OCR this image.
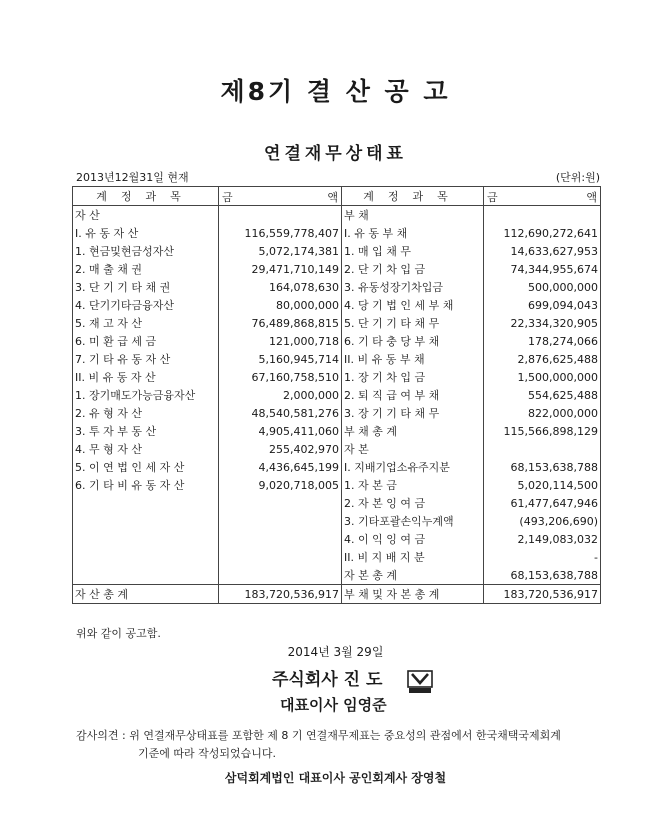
제8기 결 산 공 고
연결재무상태표
2013년12월31일 현재	(단위:원)
계정과목	금 액	계정과목	금 액

자 산		부 채	
I. 유 동 자 산	116,559,778,407	I. 유 동 부 채	112,690,272,641
1. 현금및현금성자산	5,072,174,381	1. 매 입 채 무	14,633,627,953
2. 매 출 채 권	29,471,710,149	2. 단 기 차 입 금	74,344,955,674
3. 단 기 기 타 채 권	164,078,630	3. 유동성장기차입금	500,000,000
4. 단기기타금융자산	80,000,000	4. 당 기 법 인 세 부 채	699,094,043
5. 재 고 자 산	76,489,868,815	5. 단 기 기 타 채 무	22,334,320,905
6. 미 환 급 세 금	121,000,718	6. 기 타 충 당 부 채	178,274,066
7. 기 타 유 동 자 산	5,160,945,714	II. 비 유 동 부 채	2,876,625,488
II. 비 유 동 자 산	67,160,758,510	1. 장 기 차 입 금	1,500,000,000
1. 장기매도가능금융자산	2,000,000	2. 퇴 직 급 여 부 채	554,625,488
2. 유 형 자 산	48,540,581,276	3. 장 기 기 타 채 무	822,000,000
3. 투 자 부 동 산	4,905,411,060	부 채 총 계	115,566,898,129
4. 무 형 자 산	255,402,970	자 본	
5. 이 연 법 인 세 자 산	4,436,645,199	I. 지배기업소유주지분	68,153,638,788
6. 기 타 비 유 동 자 산	9,020,718,005	1. 자 본 금	5,020,114,500
		2. 자 본 잉 여 금	61,477,647,946
		3. 기타포괄손익누계액	(493,206,690)
		4. 이 익 잉 여 금	2,149,083,032
		II. 비 지 배 지 분	-
		자 본 총 계	68,153,638,788
자 산 총 계	183,720,536,917	부 채 및 자 본 총 계	183,720,536,917
위와 같이 공고함.
2014년 3월 29일
주식회사 진 도
대표이사 임영준
감사의견 : 위 연결재무상태표를 포함한 제 8 기 연결재무제표는 중요성의 관점에서 한국채택국제회계
기준에 따라 작성되었습니다.
삼덕회계법인 대표이사 공인회계사 장영철
